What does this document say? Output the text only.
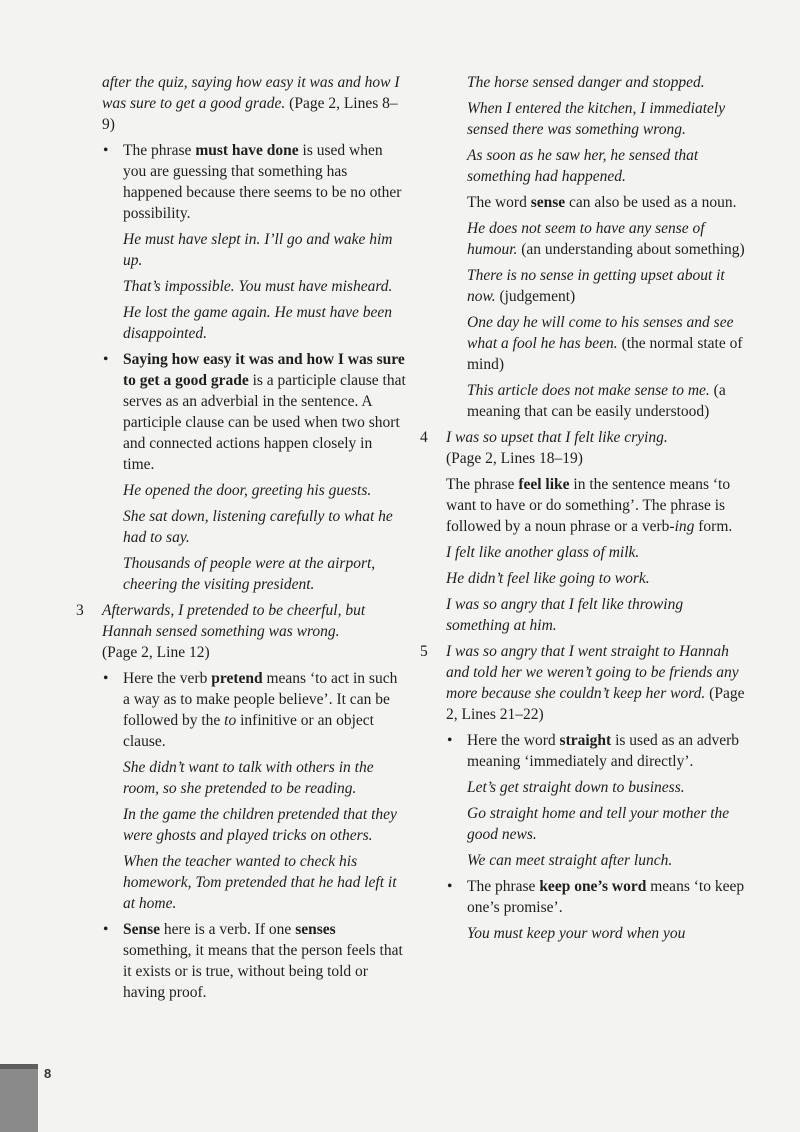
after the quiz, saying how easy it was and how I was sure to get a good grade. (Page 2, Lines 8–9)

• The phrase must have done is used when you are guessing that something has happened because there seems to be no other possibility.

He must have slept in. I’ll go and wake him up.

That’s impossible. You must have misheard.

He lost the game again. He must have been disappointed.

• Saying how easy it was and how I was sure to get a good grade is a participle clause that serves as an adverbial in the sentence. A participle clause can be used when two short and connected actions happen closely in time.

He opened the door, greeting his guests.

She sat down, listening carefully to what he had to say.

Thousands of people were at the airport, cheering the visiting president.

3 Afterwards, I pretended to be cheerful, but Hannah sensed something was wrong.
(Page 2, Line 12)
• Here the verb pretend means ‘to act in such a way as to make people believe’. It can be followed by the to infinitive or an object clause.

She didn’t want to talk with others in the room, so she pretended to be reading.

In the game the children pretended that they were ghosts and played tricks on others.

When the teacher wanted to check his homework, Tom pretended that he had left it at home.

• Sense here is a verb. If one senses something, it means that the person feels that it exists or is true, without being told or having proof.

The horse sensed danger and stopped.

When I entered the kitchen, I immediately sensed there was something wrong.

As soon as he saw her, he sensed that something had happened.

The word sense can also be used as a noun.

He does not seem to have any sense of humour. (an understanding about something)

There is no sense in getting upset about it now. (judgement)

One day he will come to his senses and see what a fool he has been. (the normal state of mind)

This article does not make sense to me. (a meaning that can be easily understood)

4 I was so upset that I felt like crying.
(Page 2, Lines 18–19)

The phrase feel like in the sentence means ‘to want to have or do something’. The phrase is followed by a noun phrase or a verb-ing form.

I felt like another glass of milk.

He didn’t feel like going to work.

I was so angry that I felt like throwing something at him.

5 I was so angry that I went straight to Hannah and told her we weren’t going to be friends any more because she couldn’t keep her word. (Page 2, Lines 21–22)
• Here the word straight is used as an adverb meaning ‘immediately and directly’.

Let’s get straight down to business.

Go straight home and tell your mother the good news.

We can meet straight after lunch.

• The phrase keep one’s word means ‘to keep one’s promise’.

You must keep your word when you

8
